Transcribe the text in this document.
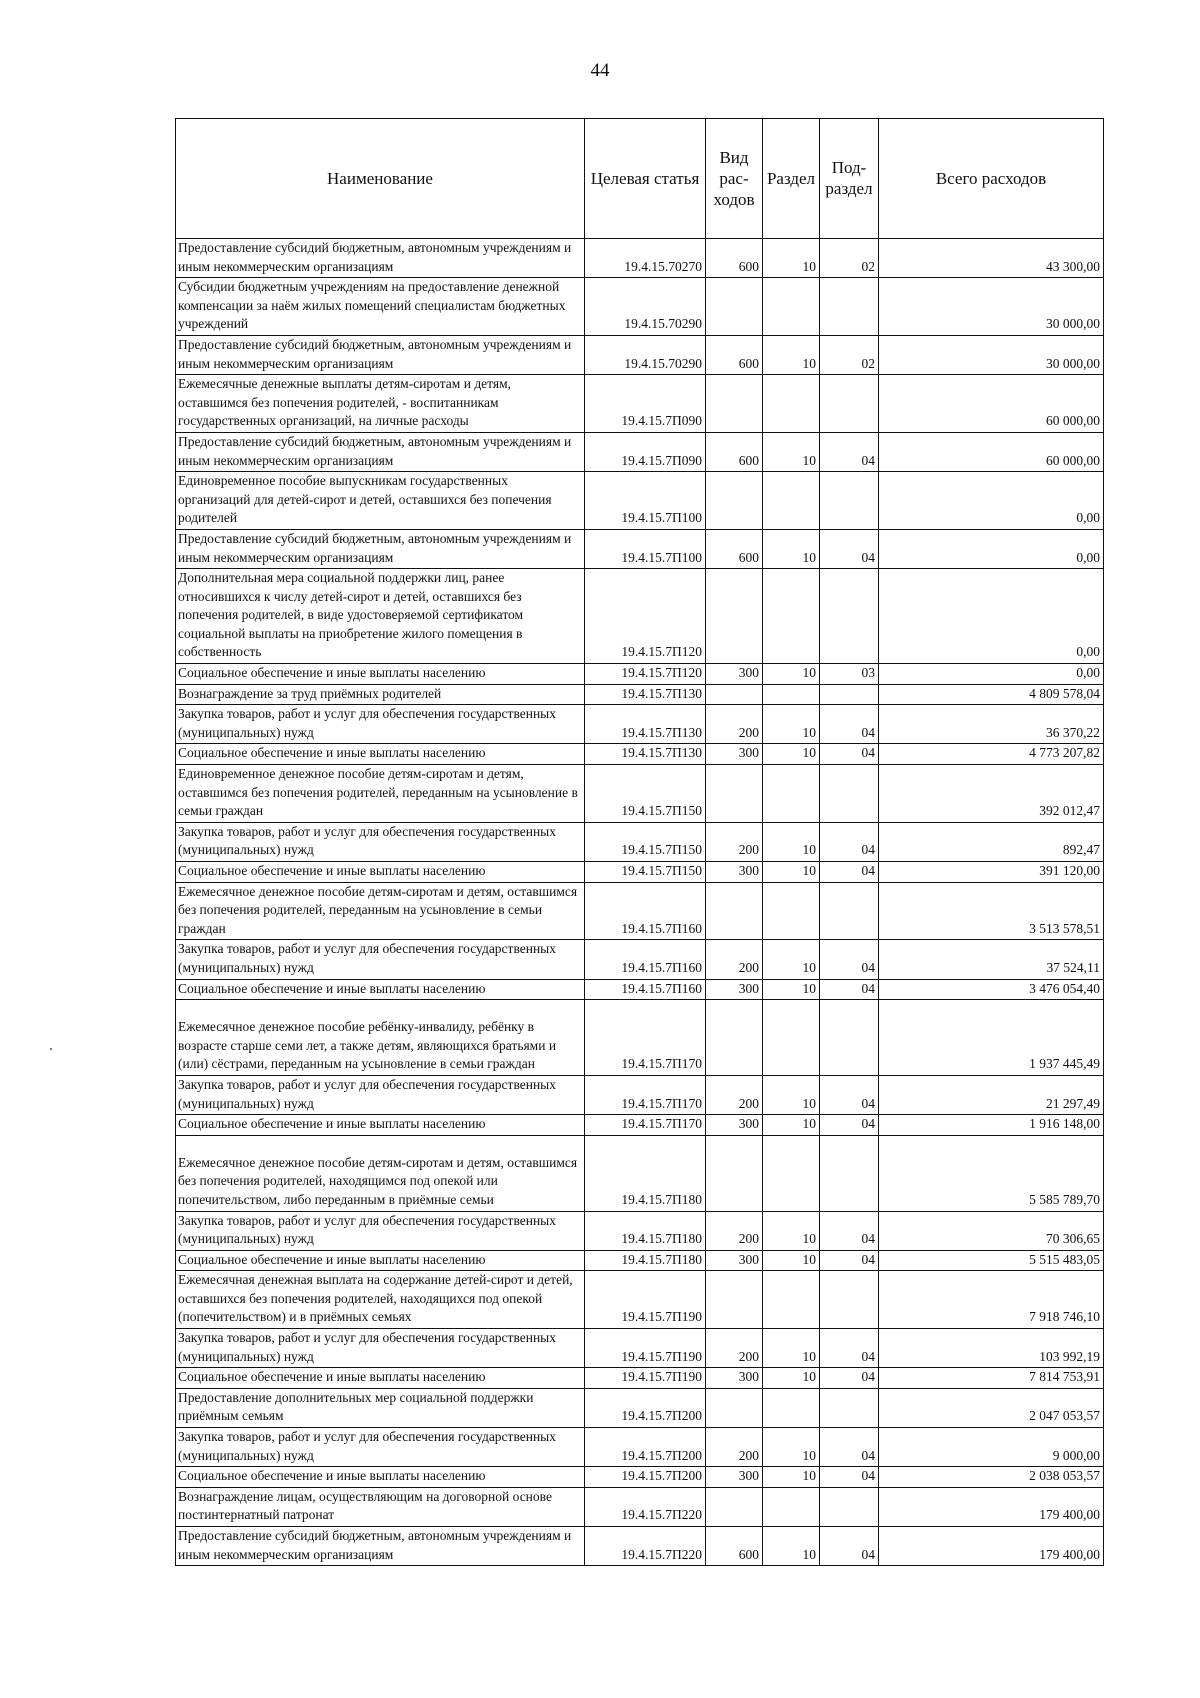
44
Наименование	Целевая статья	Вид рас- ходов	Раздел	Под- раздел	Всего расходов
Предоставление субсидий бюджетным, автономным учреждениям и иным некоммерческим организациям	19.4.15.70270	600	10	02	43 300,00
Субсидии бюджетным учреждениям на предоставление денежной компенсации за наём жилых помещений специалистам бюджетных учреждений	19.4.15.70290				30 000,00
Предоставление субсидий бюджетным, автономным учреждениям и иным некоммерческим организациям	19.4.15.70290	600	10	02	30 000,00
Ежемесячные денежные выплаты детям-сиротам и детям, оставшимся без попечения родителей, - воспитанникам государственных организаций, на личные расходы	19.4.15.7П090				60 000,00
Предоставление субсидий бюджетным, автономным учреждениям и иным некоммерческим организациям	19.4.15.7П090	600	10	04	60 000,00
Единовременное пособие выпускникам государственных организаций для детей-сирот и детей, оставшихся без попечения родителей	19.4.15.7П100				0,00
Предоставление субсидий бюджетным, автономным учреждениям и иным некоммерческим организациям	19.4.15.7П100	600	10	04	0,00
Дополнительная мера социальной поддержки лиц, ранее относившихся к числу детей-сирот и детей, оставшихся без попечения родителей, в виде удостоверяемой сертификатом социальной выплаты на приобретение жилого помещения в собственность	19.4.15.7П120				0,00
Социальное обеспечение и иные выплаты населению	19.4.15.7П120	300	10	03	0,00
Вознаграждение за труд приёмных родителей	19.4.15.7П130				4 809 578,04
Закупка товаров, работ и услуг для обеспечения государственных (муниципальных) нужд	19.4.15.7П130	200	10	04	36 370,22
Социальное обеспечение и иные выплаты населению	19.4.15.7П130	300	10	04	4 773 207,82
Единовременное денежное пособие детям-сиротам и детям, оставшимся без попечения родителей, переданным на усыновление в семьи граждан	19.4.15.7П150				392 012,47
Закупка товаров, работ и услуг для обеспечения государственных (муниципальных) нужд	19.4.15.7П150	200	10	04	892,47
Социальное обеспечение и иные выплаты населению	19.4.15.7П150	300	10	04	391 120,00
Ежемесячное денежное пособие детям-сиротам и детям, оставшимся без попечения родителей, переданным на усыновление в семьи граждан	19.4.15.7П160				3 513 578,51
Закупка товаров, работ и услуг для обеспечения государственных (муниципальных) нужд	19.4.15.7П160	200	10	04	37 524,11
Социальное обеспечение и иные выплаты населению	19.4.15.7П160	300	10	04	3 476 054,40
Ежемесячное денежное пособие ребёнку-инвалиду, ребёнку в возрасте старше семи лет, а также детям, являющихся братьями и (или) сёстрами, переданным на усыновление в семьи граждан	19.4.15.7П170				1 937 445,49
Закупка товаров, работ и услуг для обеспечения государственных (муниципальных) нужд	19.4.15.7П170	200	10	04	21 297,49
Социальное обеспечение и иные выплаты населению	19.4.15.7П170	300	10	04	1 916 148,00
Ежемесячное денежное пособие детям-сиротам и детям, оставшимся без попечения родителей, находящимся под опекой или попечительством, либо переданным в приёмные семьи	19.4.15.7П180				5 585 789,70
Закупка товаров, работ и услуг для обеспечения государственных (муниципальных) нужд	19.4.15.7П180	200	10	04	70 306,65
Социальное обеспечение и иные выплаты населению	19.4.15.7П180	300	10	04	5 515 483,05
Ежемесячная денежная выплата на содержание детей-сирот и детей, оставшихся без попечения родителей, находящихся под опекой (попечительством) и в приёмных семьях	19.4.15.7П190				7 918 746,10
Закупка товаров, работ и услуг для обеспечения государственных (муниципальных) нужд	19.4.15.7П190	200	10	04	103 992,19
Социальное обеспечение и иные выплаты населению	19.4.15.7П190	300	10	04	7 814 753,91
Предоставление дополнительных мер социальной поддержки приёмным семьям	19.4.15.7П200				2 047 053,57
Закупка товаров, работ и услуг для обеспечения государственных (муниципальных) нужд	19.4.15.7П200	200	10	04	9 000,00
Социальное обеспечение и иные выплаты населению	19.4.15.7П200	300	10	04	2 038 053,57
Вознаграждение лицам, осуществляющим на договорной основе постинтернатный патронат	19.4.15.7П220				179 400,00
Предоставление субсидий бюджетным, автономным учреждениям и иным некоммерческим организациям	19.4.15.7П220	600	10	04	179 400,00
